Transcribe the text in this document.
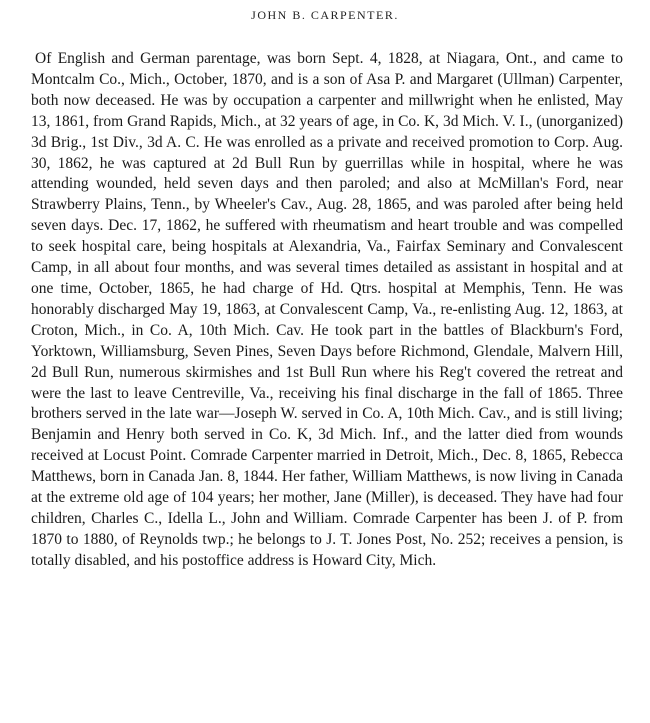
JOHN B. CARPENTER.

Of English and German parentage, was born Sept. 4, 1828, at Niagara, Ont., and came to Montcalm Co., Mich., October, 1870, and is a son of Asa P. and Margaret (Ullman) Carpenter, both now deceased. He was by occupation a carpenter and millwright when he enlisted, May 13, 1861, from Grand Rapids, Mich., at 32 years of age, in Co. K, 3d Mich. V. I., (unorganized) 3d Brig., 1st Div., 3d A. C. He was enrolled as a private and received promotion to Corp. Aug. 30, 1862, he was captured at 2d Bull Run by guerrillas while in hospital, where he was attending wounded, held seven days and then paroled; and also at McMillan's Ford, near Strawberry Plains, Tenn., by Wheeler's Cav., Aug. 28, 1865, and was paroled after being held seven days. Dec. 17, 1862, he suffered with rheumatism and heart trouble and was compelled to seek hospital care, being hospitals at Alexandria, Va., Fairfax Seminary and Convalescent Camp, in all about four months, and was several times detailed as assistant in hospital and at one time, October, 1865, he had charge of Hd. Qtrs. hospital at Memphis, Tenn. He was honorably discharged May 19, 1863, at Convalescent Camp, Va., re-enlisting Aug. 12, 1863, at Croton, Mich., in Co. A, 10th Mich. Cav. He took part in the battles of Blackburn's Ford, Yorktown, Williamsburg, Seven Pines, Seven Days before Richmond, Glendale, Malvern Hill, 2d Bull Run, numerous skirmishes and 1st Bull Run where his Reg't covered the retreat and were the last to leave Centreville, Va., receiving his final discharge in the fall of 1865. Three brothers served in the late war—Joseph W. served in Co. A, 10th Mich. Cav., and is still living; Benjamin and Henry both served in Co. K, 3d Mich. Inf., and the latter died from wounds received at Locust Point. Comrade Carpenter married in Detroit, Mich., Dec. 8, 1865, Rebecca Matthews, born in Canada Jan. 8, 1844. Her father, William Matthews, is now living in Canada at the extreme old age of 104 years; her mother, Jane (Miller), is deceased. They have had four children, Charles C., Idella L., John and William. Comrade Carpenter has been J. of P. from 1870 to 1880, of Reynolds twp.; he belongs to J. T. Jones Post, No. 252; receives a pension, is totally disabled, and his postoffice address is Howard City, Mich.
